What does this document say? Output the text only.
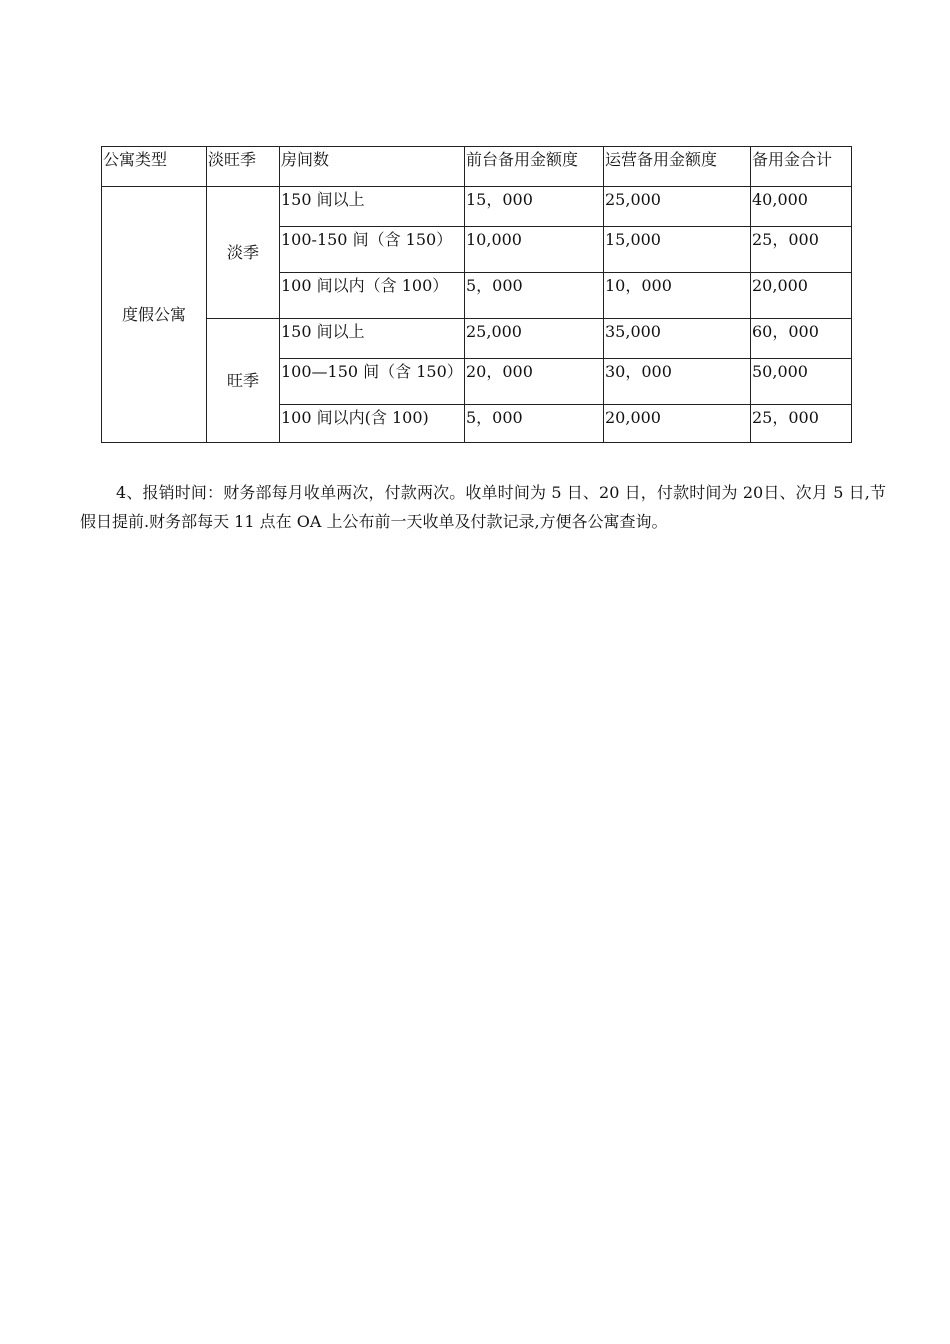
公寓类型	淡旺季	房间数	前台备用金额度	运营备用金额度	备用金合计
度假公寓	淡季	150 间以上	15，000	25,000	40,000
		100-150 间（含 150）	10,000	15,000	25，000
		100 间以内（含 100）	5，000	10，000	20,000
	旺季	150 间以上	25,000	35,000	60，000
		100—150 间（含 150）	20，000	30，000	50,000
		100 间以内(含 100)	5，000	20,000	25，000

4、报销时间：财务部每月收单两次，付款两次。收单时间为 5 日、20 日，付款时间为 20日、次月 5 日,节假日提前.财务部每天 11 点在 OA 上公布前一天收单及付款记录,方便各公寓查询。
